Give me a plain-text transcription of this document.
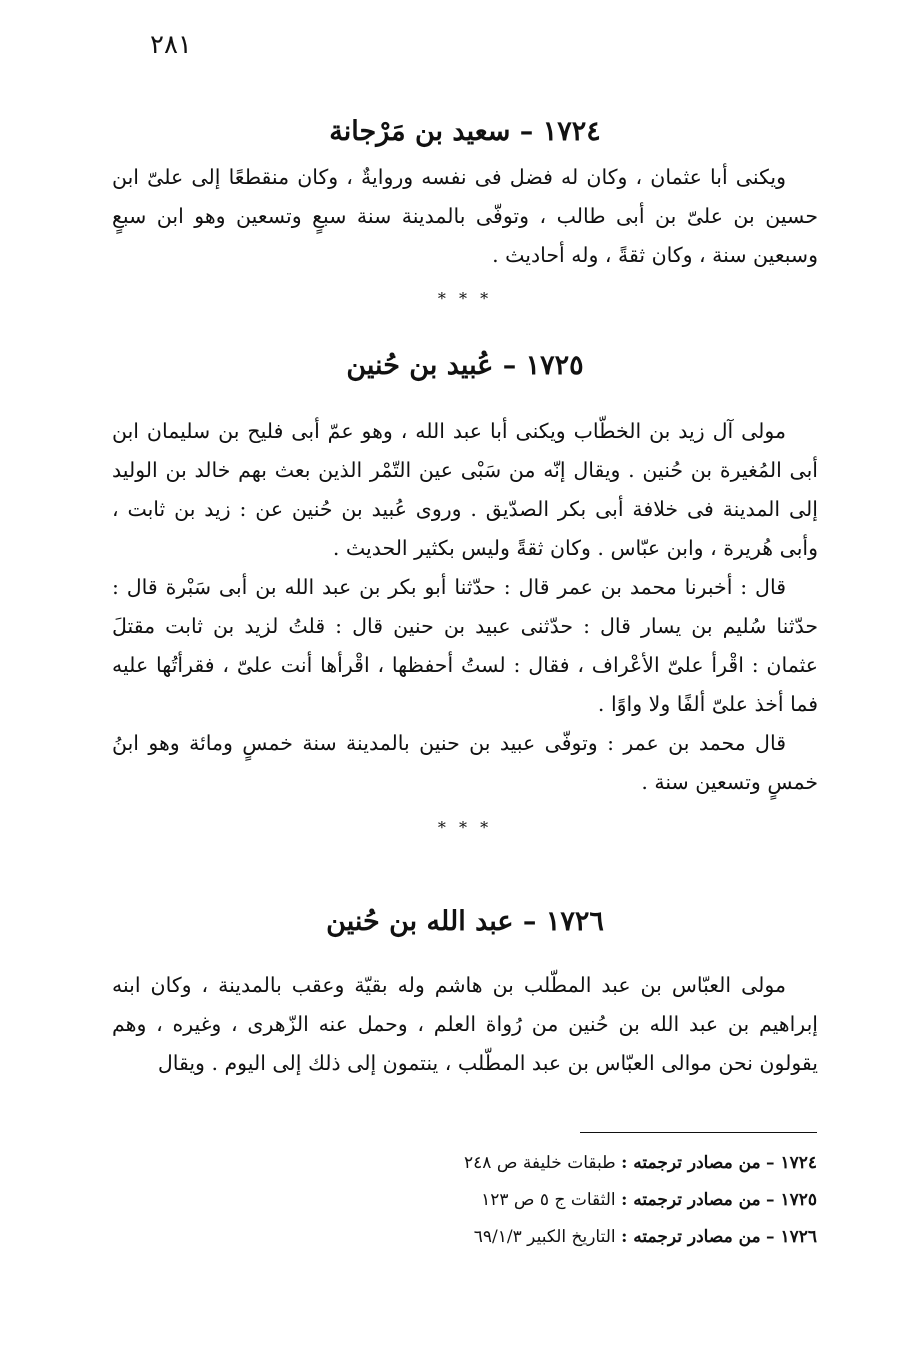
٢٨١
١٧٢٤ – سعيد بن مَرْجانة

ويكنى أبا عثمان ، وكان له فضل فى نفسه وروايةٌ ، وكان منقطعًا إلى علىّ ابن حسين بن علىّ بن أبى طالب ، وتوفّى بالمدينة سنة سبعٍ وتسعين وهو ابن سبعٍ وسبعين سنة ، وكان ثقةً ، وله أحاديث .

* * *

١٧٢٥ – عُبيد بن حُنين

مولى آل زيد بن الخطّاب ويكنى أبا عبد الله ، وهو عمّ أبى فليح بن سليمان ابن أبى المُغيرة بن حُنين . ويقال إنّه من سَبْى عين التّمْر الذين بعث بهم خالد بن الوليد إلى المدينة فى خلافة أبى بكر الصدّيق . وروى عُبيد بن حُنين عن : زيد بن ثابت ، وأبى هُريرة ، وابن عبّاس . وكان ثقةً وليس بكثير الحديث .

قال : أخبرنا محمد بن عمر قال : حدّثنا أبو بكر بن عبد الله بن أبى سَبْرة قال : حدّثنا سُليم بن يسار قال : حدّثنى عبيد بن حنين قال : قلتُ لزيد بن ثابت مقتلَ عثمان : اقْرأ علىّ الأعْراف ، فقال : لستُ أحفظها ، اقْرأها أنت علىّ ، فقرأتُها عليه فما أخذ علىّ ألفًا ولا واوًا .

قال محمد بن عمر : وتوفّى عبيد بن حنين بالمدينة سنة خمسٍ ومائة وهو ابنُ خمسٍ وتسعين سنة .

* * *

١٧٢٦ – عبد الله بن حُنين

مولى العبّاس بن عبد المطّلب بن هاشم وله بقيّة وعقب بالمدينة ، وكان ابنه إبراهيم بن عبد الله بن حُنين من رُواة العلم ، وحمل عنه الزّهرى ، وغيره ، وهم يقولون نحن موالى العبّاس بن عبد المطّلب ، ينتمون إلى ذلك إلى اليوم . ويقال

١٧٢٤ – من مصادر ترجمته : طبقات خليفة ص ٢٤٨

١٧٢٥ – من مصادر ترجمته : الثقات ج ٥ ص ١٢٣

١٧٢٦ – من مصادر ترجمته : التاريخ الكبير ٦٩/١/٣
